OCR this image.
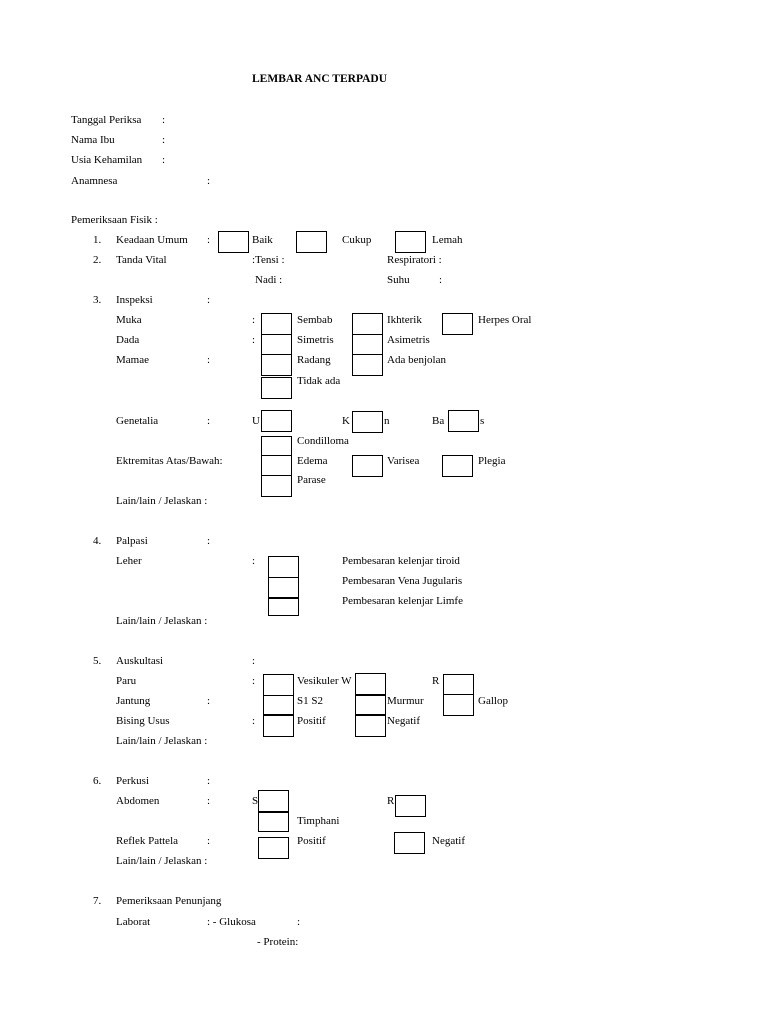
LEMBAR ANC TERPADU
Tanggal Periksa :
Nama Ibu	:
Usia Kehamilan :
Anamnesa	:
Pemeriksaan Fisik :
1. Keadaan Umum :	Baik	Cukup	Lemah
2. Tanda Vital	:Tensi :	Respiratori :
Nadi :	Suhu	:
3. Inspeksi	:
Muka	:	Sembab	Ikhterik	Herpes Oral
Dada	:	Simetris	Asimetris
Mamae	:	Radang	Ada benjolan
Tidak ada
Genetalia	:	U	K	n	Ba	s
Condilloma
Ektremitas Atas/Bawah:	Edema	Varisea	Plegia
Parase
Lain/lain / Jelaskan :
4. Palpasi	:
Leher	:	Pembesaran kelenjar tiroid
Pembesaran Vena Jugularis
Pembesaran kelenjar Limfe
Lain/lain / Jelaskan :
5. Auskultasi	:
Paru	:	Vesikuler W	R
Jantung	:	S1 S2	Murmur	Gallop
Bising Usus	:	Positif	Negatif
Lain/lain / Jelaskan :
6. Perkusi	:
Abdomen	:	S	R
Timphani
Reflek Pattela	:	Positif	Negatif
Lain/lain / Jelaskan :
7. Pemeriksaan Penunjang
Laborat	: - Glukosa	:
- Protein:
